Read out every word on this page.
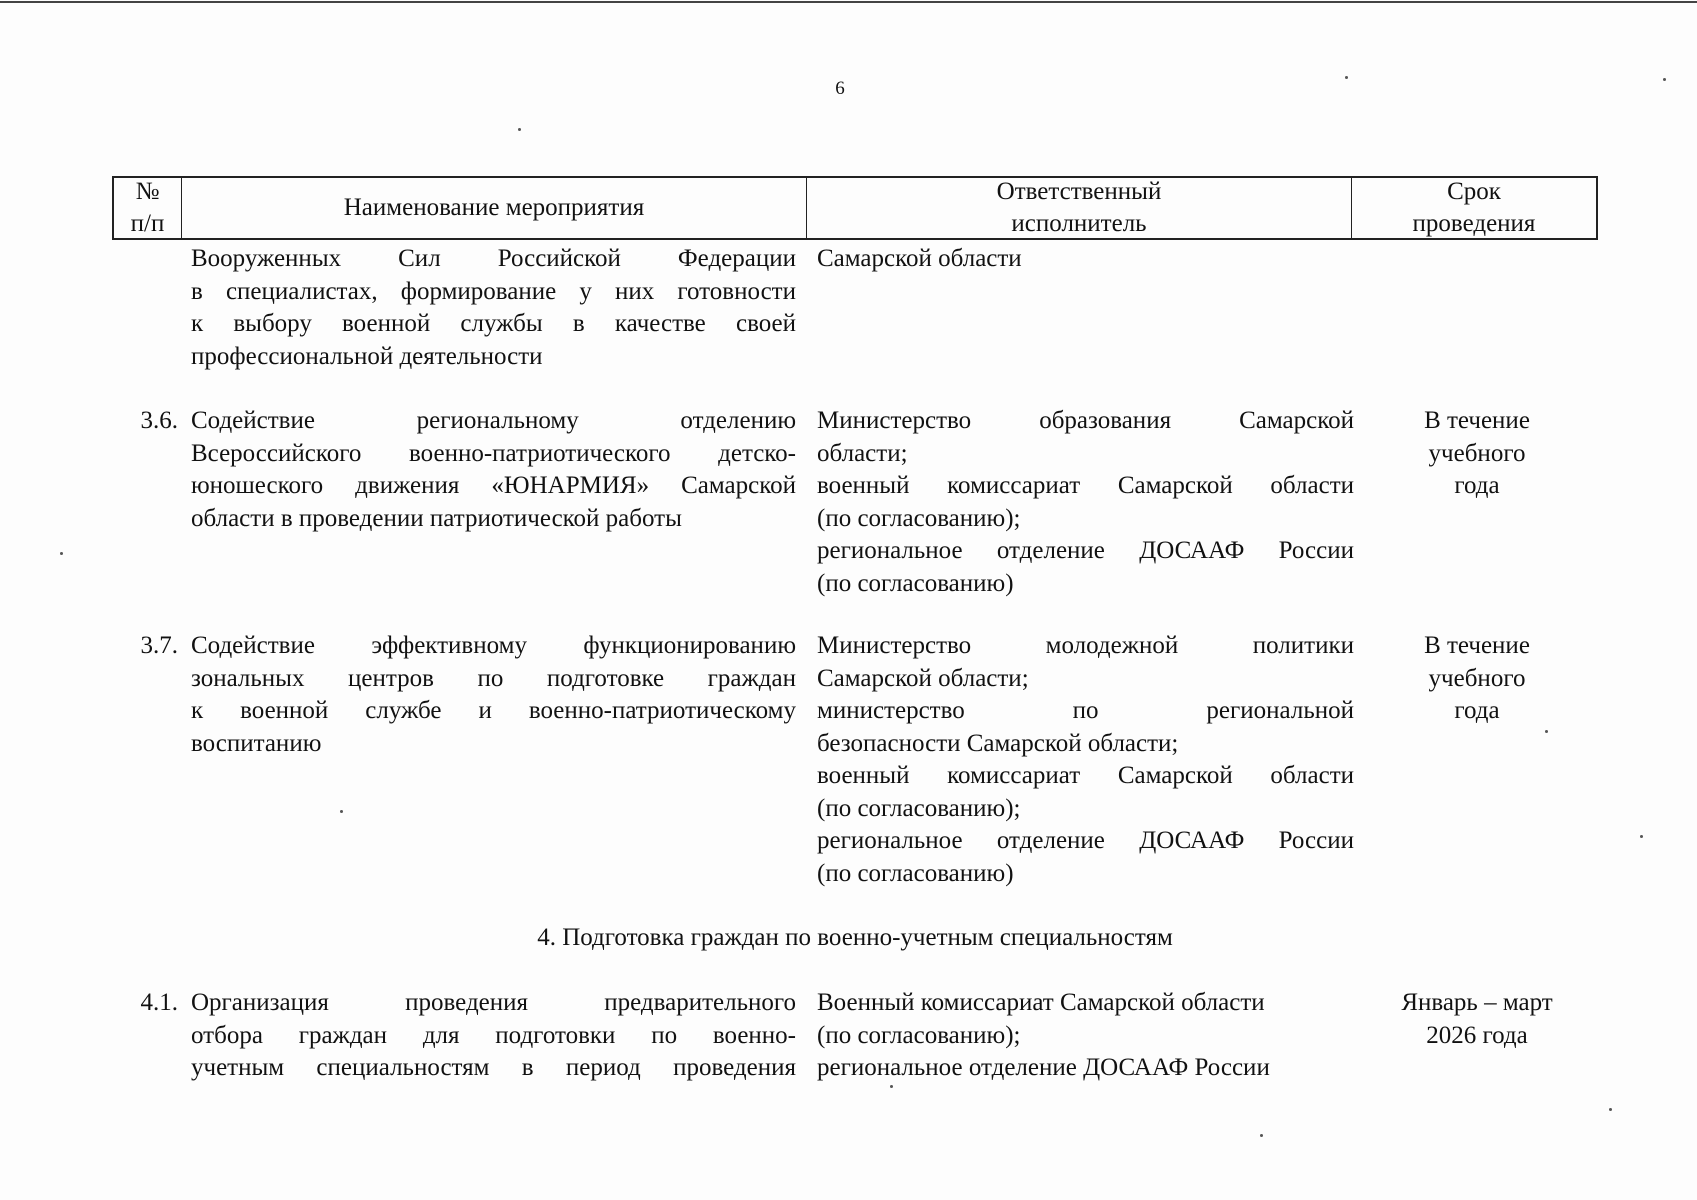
6
№
п/п
Наименование мероприятия
Ответственный
исполнитель
Срок
проведения
Вооруженных Сил Российской Федерации
в специалистах, формирование у них готовности
к выбору военной службы в качестве своей
профессиональной деятельности
Самарской области
3.6. Содействие региональному отделению
Всероссийского военно-патриотического детско-
юношеского движения «ЮНАРМИЯ» Самарской
области в проведении патриотической работы
Министерство образования Самарской
области;
военный комиссариат Самарской области
(по согласованию);
региональное отделение ДОСААФ России
(по согласованию)
В течение
учебного
года
3.7. Содействие эффективному функционированию
зональных центров по подготовке граждан
к военной службе и военно-патриотическому
воспитанию
Министерство молодежной политики
Самарской области;
министерство по региональной
безопасности Самарской области;
военный комиссариат Самарской области
(по согласованию);
региональное отделение ДОСААФ России
(по согласованию)
В течение
учебного
года
4. Подготовка граждан по военно-учетным специальностям
4.1. Организация проведения предварительного
отбора граждан для подготовки по военно-
учетным специальностям в период проведения
Военный комиссариат Самарской области
(по согласованию);
региональное отделение ДОСААФ России
Январь – март
2026 года
